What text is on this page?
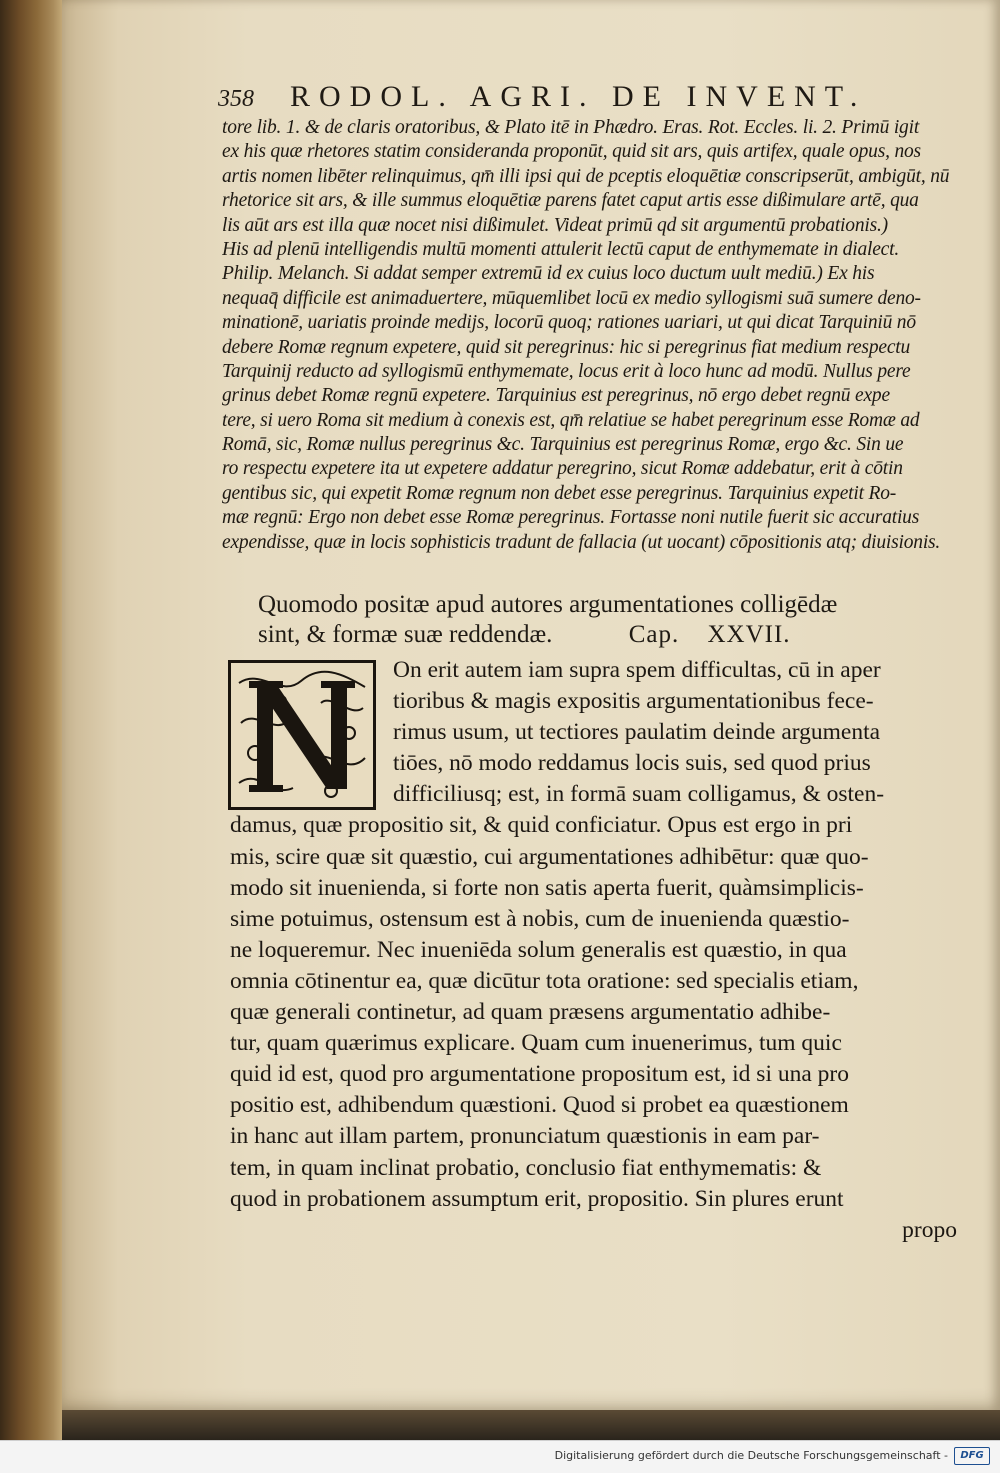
358	RODOL. AGRI. DE INVENT.
tore lib. 1. & de claris oratoribus, & Plato itē in Phædro. Eras. Rot. Eccles. li. 2. Primū igit
ex his quæ rhetores statim consideranda proponūt, quid sit ars, quis artifex, quale opus, nos
artis nomen libēter relinquimus, qm̄ illi ipsi qui de pceptis eloquētiæ conscripserūt, ambigūt, nū
rhetorice sit ars, & ille summus eloquētiæ parens fatet caput artis esse dißimulare artē, qua
lis aūt ars est illa quæ nocet nisi dißimulet. Videat primū qd sit argumentū probationis.)
His ad plenū intelligendis multū momenti attulerit lectū caput de enthymemate in dialect.
Philip. Melanch. Si addat semper extremū id ex cuius loco ductum uult mediū.) Ex his
nequaq̄ difficile est animaduertere, mūquemlibet locū ex medio syllogismi suā sumere deno-
minationē, uariatis proinde medijs, locorū quoq; rationes uariari, ut qui dicat Tarquiniū nō
debere Romæ regnum expetere, quid sit peregrinus: hic si peregrinus fiat medium respectu
Tarquinij reducto ad syllogismū enthymemate, locus erit à loco hunc ad modū. Nullus pere
grinus debet Romæ regnū expetere. Tarquinius est peregrinus, nō ergo debet regnū expe
tere, si uero Roma sit medium à conexis est, qm̄ relatiue se habet peregrinum esse Romæ ad
Romā, sic, Romæ nullus peregrinus &c. Tarquinius est peregrinus Romæ, ergo &c. Sin ue
ro respectu expetere ita ut expetere addatur peregrino, sicut Romæ addebatur, erit à cōtin
gentibus sic, qui expetit Romæ regnum non debet esse peregrinus. Tarquinius expetit Ro-
mæ regnū: Ergo non debet esse Romæ peregrinus. Fortasse noni nutile fuerit sic accuratius
expendisse, quæ in locis sophisticis tradunt de fallacia (ut uocant) cōpositionis atq; diuisionis.
Quomodo positæ apud autores argumentationes colligēdæ
sint, & formæ suæ reddendæ.	Cap. XXVII.
On erit autem iam supra spem difficultas, cū in aper
tioribus & magis expositis argumentationibus fece-
rimus usum, ut tectiores paulatim deinde argumenta
tiōes, nō modo reddamus locis suis, sed quod prius
difficiliusq; est, in formā suam colligamus, & osten-
damus, quæ propositio sit, & quid conficiatur. Opus est ergo in pri
mis, scire quæ sit quæstio, cui argumentationes adhibētur: quæ quo-
modo sit inuenienda, si forte non satis aperta fuerit, quàmsimplicis-
sime potuimus, ostensum est à nobis, cum de inuenienda quæstio-
ne loqueremur. Nec inueniēda solum generalis est quæstio, in qua
omnia cōtinentur ea, quæ dicūtur tota oratione: sed specialis etiam,
quæ generali continetur, ad quam præsens argumentatio adhibe-
tur, quam quærimus explicare. Quam cum inuenerimus, tum quic
quid id est, quod pro argumentatione propositum est, id si una pro
positio est, adhibendum quæstioni. Quod si probet ea quæstionem
in hanc aut illam partem, pronunciatum quæstionis in eam par-
tem, in quam inclinat probatio, conclusio fiat enthymematis: &
quod in probationem assumptum erit, propositio. Sin plures erunt
propo
Digitalisierung gefördert durch die Deutsche Forschungsgemeinschaft -	DFG
